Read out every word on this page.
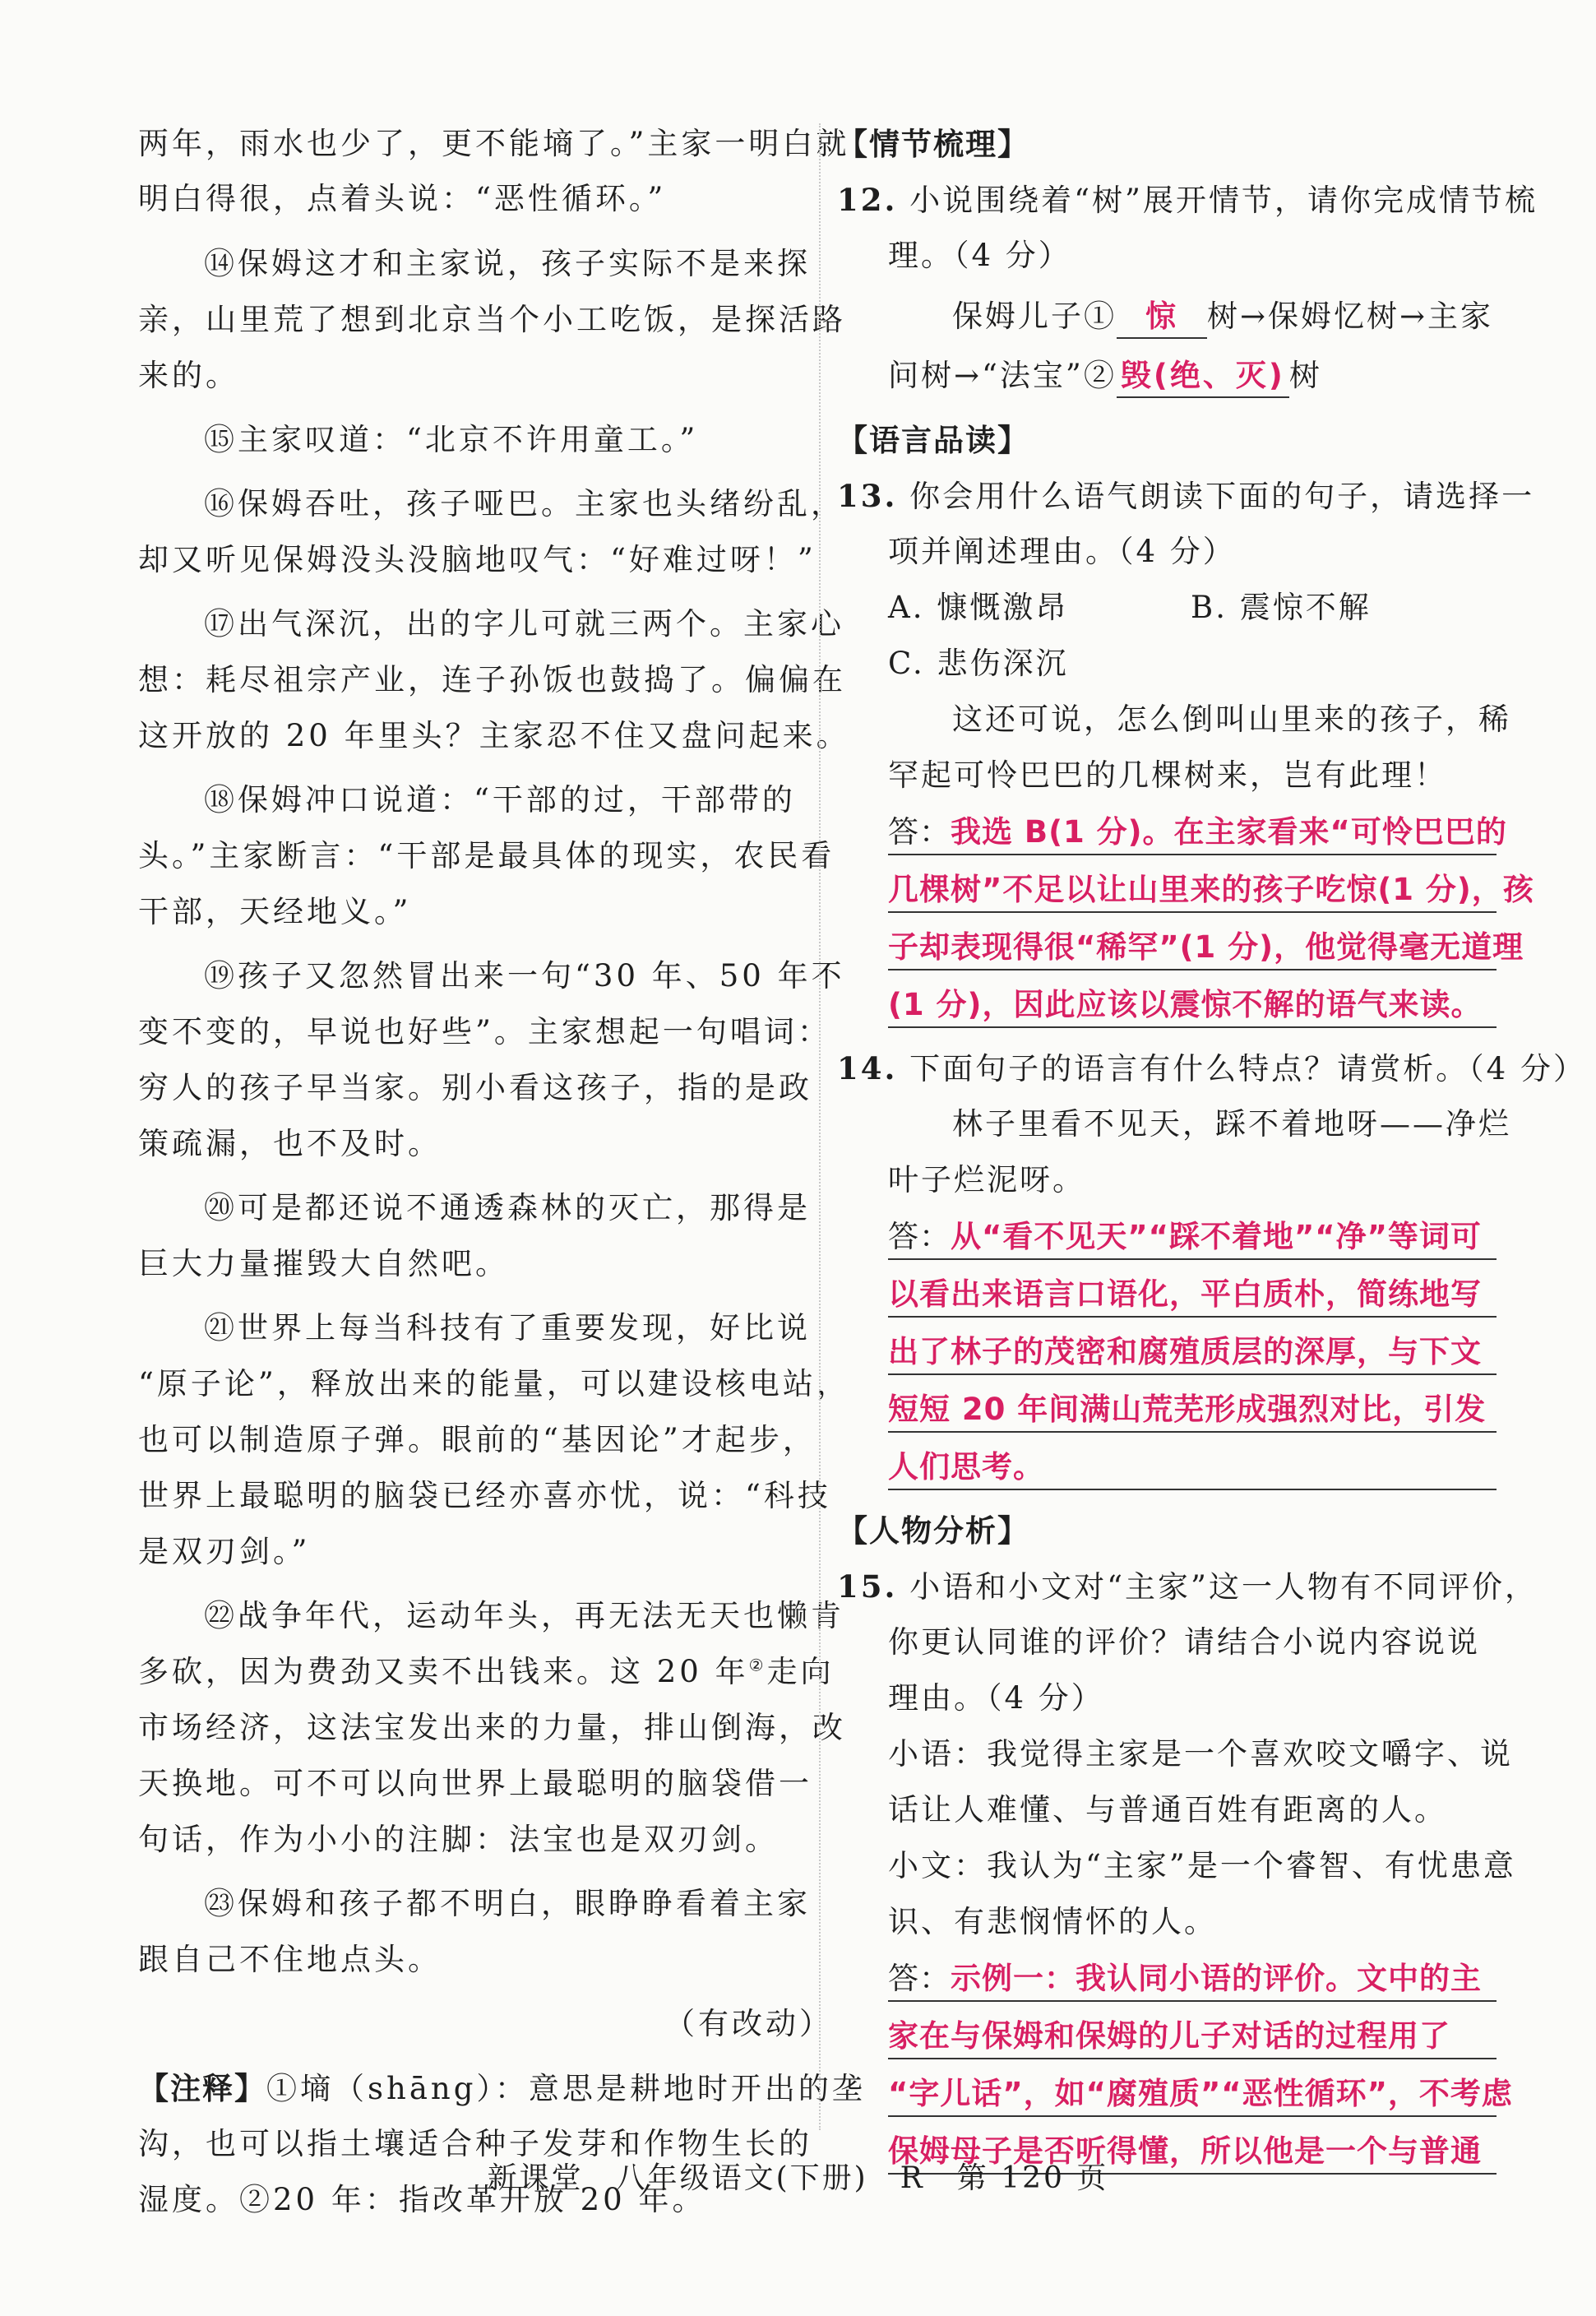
两年，雨水也少了，更不能墒了。”主家一明白就
明白得很，点着头说：“恶性循环。”
⑭保姆这才和主家说，孩子实际不是来探
亲，山里荒了想到北京当个小工吃饭，是探活路
来的。
⑮主家叹道：“北京不许用童工。”
⑯保姆吞吐，孩子哑巴。主家也头绪纷乱，
却又听见保姆没头没脑地叹气：“好难过呀！”
⑰出气深沉，出的字儿可就三两个。主家心
想：耗尽祖宗产业，连子孙饭也鼓捣了。偏偏在
这开放的 20 年里头？主家忍不住又盘问起来。
⑱保姆冲口说道：“干部的过，干部带的
头。”主家断言：“干部是最具体的现实，农民看
干部，天经地义。”
⑲孩子又忽然冒出来一句“30 年、50 年不
变不变的，早说也好些”。主家想起一句唱词：
穷人的孩子早当家。别小看这孩子，指的是政
策疏漏，也不及时。
⑳可是都还说不通透森林的灭亡，那得是
巨大力量摧毁大自然吧。
㉑世界上每当科技有了重要发现，好比说
“原子论”，释放出来的能量，可以建设核电站，
也可以制造原子弹。眼前的“基因论”才起步，
世界上最聪明的脑袋已经亦喜亦忧，说：“科技
是双刃剑。”
㉒战争年代，运动年头，再无法无天也懒肯
多砍，因为费劲又卖不出钱来。这 20 年②走向
市场经济，这法宝发出来的力量，排山倒海，改
天换地。可不可以向世界上最聪明的脑袋借一
句话，作为小小的注脚：法宝也是双刃剑。
㉓保姆和孩子都不明白，眼睁睁看着主家
跟自己不住地点头。
（有改动）
【注释】①墒（shāng）：意思是耕地时开出的垄
沟，也可以指土壤适合种子发芽和作物生长的
湿度。②20 年：指改革开放 20 年。
【情节梳理】
12. 小说围绕着“树”展开情节，请你完成情节梳
理。（4 分）
保姆儿子① 惊 树→保姆忆树→主家
问树→“法宝”② 毁(绝、灭) 树
【语言品读】
13. 你会用什么语气朗读下面的句子，请选择一
项并阐述理由。（4 分）
A. 慷慨激昂	B. 震惊不解
C. 悲伤深沉
这还可说，怎么倒叫山里来的孩子，稀
罕起可怜巴巴的几棵树来，岂有此理！
答：我选 B(1 分)。在主家看来“可怜巴巴的
几棵树”不足以让山里来的孩子吃惊(1 分)，孩
子却表现得很“稀罕”(1 分)，他觉得毫无道理
(1 分)，因此应该以震惊不解的语气来读。
14. 下面句子的语言有什么特点？请赏析。（4 分）
林子里看不见天，踩不着地呀——净烂
叶子烂泥呀。
答：从“看不见天”“踩不着地”“净”等词可
以看出来语言口语化，平白质朴，简练地写
出了林子的茂密和腐殖质层的深厚，与下文
短短 20 年间满山荒芜形成强烈对比，引发
人们思考。
【人物分析】
15. 小语和小文对“主家”这一人物有不同评价，
你更认同谁的评价？请结合小说内容说说
理由。（4 分）
小语：我觉得主家是一个喜欢咬文嚼字、说
话让人难懂、与普通百姓有距离的人。
小文：我认为“主家”是一个睿智、有忧患意
识、有悲悯情怀的人。
答：示例一：我认同小语的评价。文中的主
家在与保姆和保姆的儿子对话的过程用了
“字儿话”，如“腐殖质”“恶性循环”，不考虑
保姆母子是否听得懂，所以他是一个与普通
新课堂　八年级语文(下册)　R　第 120 页
